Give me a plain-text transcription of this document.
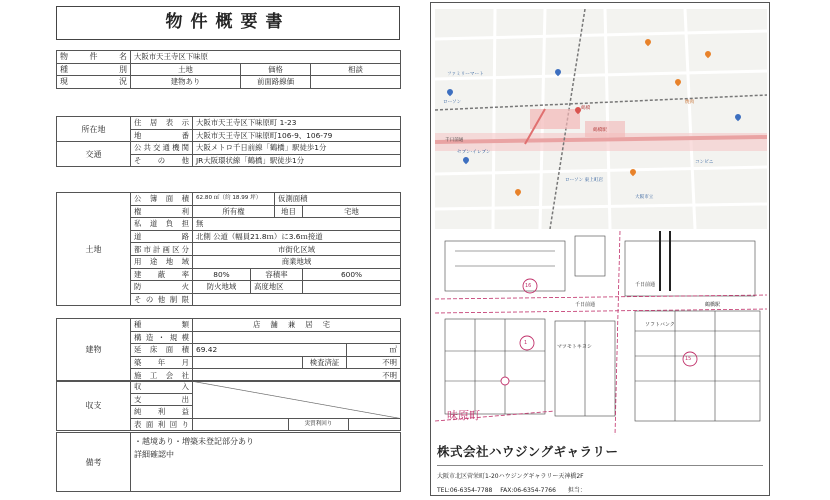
物件概要書
物件名	大阪市天王寺区下味原		
種別	土地	価格	相談
現況	建物あり	前面路線価	
所在地	住居表示	大阪市天王寺区下味原町 1-23
	地番	大阪市天王寺区下味原町106-9、106-79
交通	公共交通機関	大阪メトロ千日前線「鶴橋」駅徒歩1分
	その他	JR大阪環状線「鶴橋」駅徒歩1分
土地	公簿面積	62.80 ㎡（約 18.99 坪）		仮測面積	
	権利	所有権		地目	宅地
	私道負担	無			
	道路	北側 公道（幅員21.8ｍ）に3.6ｍ接道			
	都市計画区分	市街化区域			
	用途地域	商業地域			
	建蔽率	80%	容積率		600%
	防火	防火地域	高度地区		
	その他制限				
建物	種類	店舗兼居宅		
	構造・規模			
	延床面積	69.42		㎡
	築年月		検査済証	不明
	施工会社	不明		
収支	収入			
	支出			
	純利益			
	表面利回り		実質利回り	
備考	
・越境あり・増築未登記部分あり
詳細確認中
鶴橋
ファミリーマート
ローソン
セブン-イレブン
千日前通
鶴橋駅
ローソン 東上町店
大阪市立
焼肉
コンビニ
16
1
15
千日前通	鶴橋駅
千日前通
ソフトバンク
マツモトキヨシ
味原町
株式会社ハウジングギャラリー
大阪市北区菅栄町1-20ハウジングギャラリー天神橋2F
TEL:06-6354-7788 FAX:06-6354-7766 担当：
